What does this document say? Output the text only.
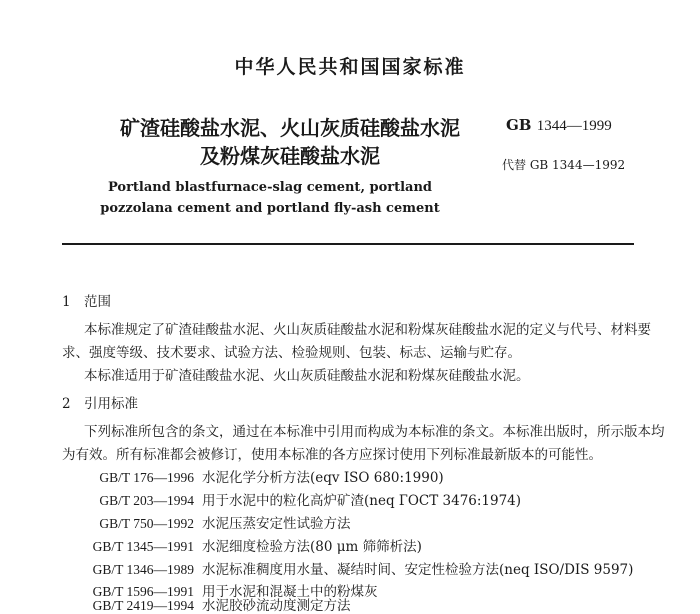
中华人民共和国国家标准
矿渣硅酸盐水泥、火山灰质硅酸盐水泥
及粉煤灰硅酸盐水泥
GB 1344—1999
代替 GB 1344—1992
Portland blastfurnace-slag cement, portland
pozzolana cement and portland fly-ash cement
1 范围
本标准规定了矿渣硅酸盐水泥、火山灰质硅酸盐水泥和粉煤灰硅酸盐水泥的定义与代号、材料要
求、强度等级、技术要求、试验方法、检验规则、包装、标志、运输与贮存。
本标准适用于矿渣硅酸盐水泥、火山灰质硅酸盐水泥和粉煤灰硅酸盐水泥。
2 引用标准
下列标准所包含的条文，通过在本标准中引用而构成为本标准的条文。本标准出版时，所示版本均
为有效。所有标准都会被修订，使用本标准的各方应探讨使用下列标准最新版本的可能性。
GB/T 176—1996 水泥化学分析方法(eqv ISO 680:1990)
GB/T 203—1994 用于水泥中的粒化高炉矿渣(neq ГОСТ 3476:1974)
GB/T 750—1992 水泥压蒸安定性试验方法
GB/T 1345—1991 水泥细度检验方法(80 μm 筛筛析法)
GB/T 1346—1989 水泥标准稠度用水量、凝结时间、安定性检验方法(neq ISO/DIS 9597)
GB/T 1596—1991 用于水泥和混凝土中的粉煤灰
GB/T 2419—1994 水泥胶砂流动度测定方法
